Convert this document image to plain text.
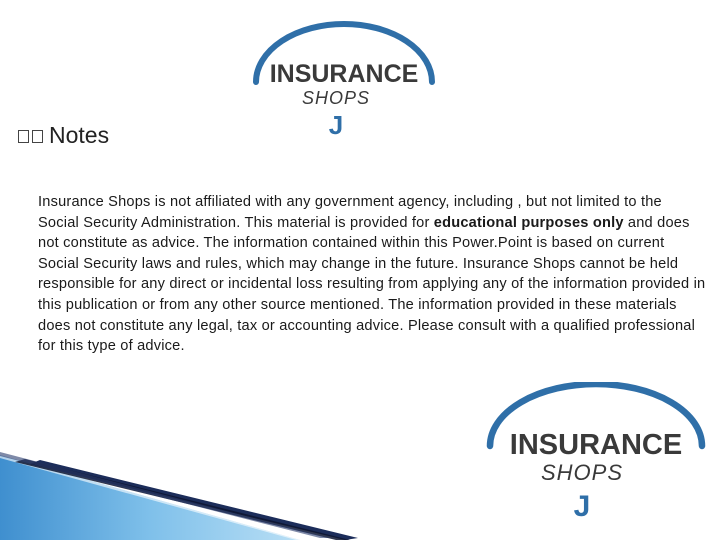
INSURANCE
SHOPS
J
Notes
Insurance Shops is not affiliated with any government agency, including , but not limited to the Social Security Administration. This material is provided for educational purposes only and does not constitute as advice. The information contained within this Power.Point is based on current Social Security laws and rules, which may change in the future. Insurance Shops cannot be held responsible for any direct or incidental loss resulting from applying any of the information provided in this publication or from any other source mentioned. The information provided in these materials does not constitute any legal, tax or accounting advice. Please consult with a qualified professional for this type of advice.
INSURANCE
SHOPS
J
